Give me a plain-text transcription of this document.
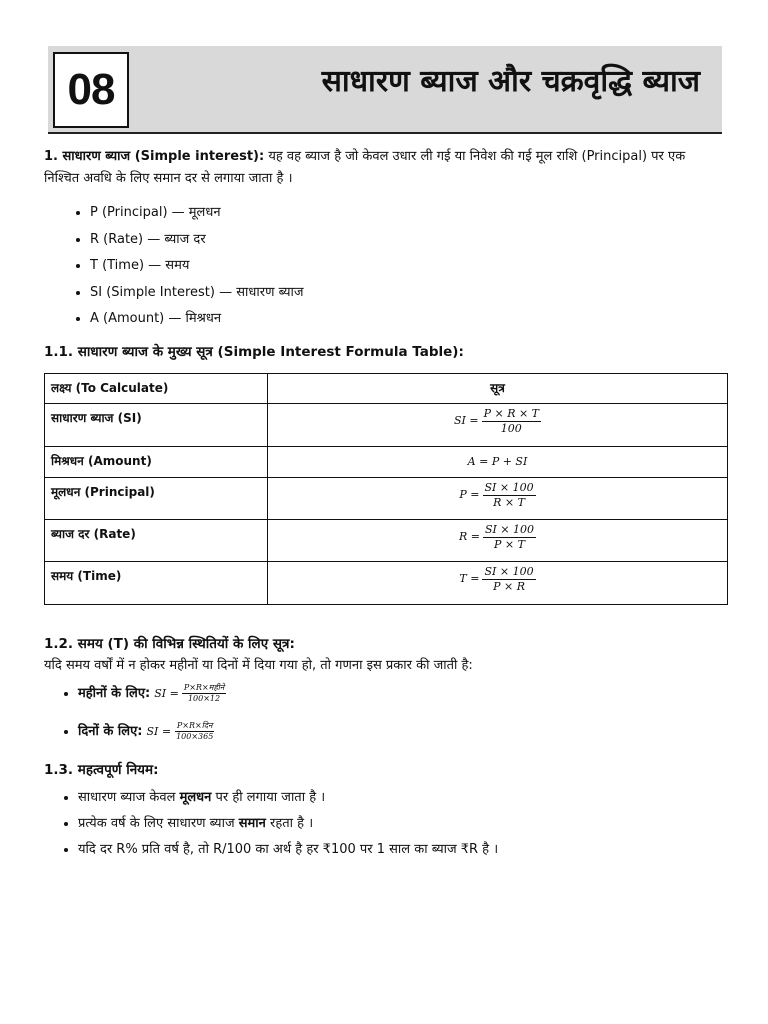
08	साधारण ब्याज और चक्रवृद्धि ब्याज

1. साधारण ब्याज (Simple interest): यह वह ब्याज है जो केवल उधार ली गई या निवेश की गई मूल राशि (Principal) पर एक
निश्चित अवधि के लिए समान दर से लगाया जाता है ।

• P (Principal) — मूलधन
• R (Rate) — ब्याज दर
• T (Time) — समय
• SI (Simple Interest) — साधारण ब्याज
• A (Amount) — मिश्रधन
1.1. साधारण ब्याज के मुख्य सूत्र (Simple Interest Formula Table):
लक्ष्य (To Calculate)	सूत्र
साधारण ब्याज (SI)	SI = $\frac{P \times R \times T}{100}$

मिश्रधन (Amount)	A = P + SI
मूलधन (Principal)	$P = \frac{SI \times 100}{R \times T}$

ब्याज दर (Rate)	$R = \frac{SI \times 100}{P \times T}$

समय (Time)	$T = \frac{SI \times 100}{P \times R}$
1.2. समय (T) की विभिन्न स्थितियों के लिए सूत्र:

यदि समय वर्षों में न होकर महीनों या दिनों में दिया गया हो, तो गणना इस प्रकार की जाती है:

• महीनों के लिए: SI = $\frac{\text{P×R×महीने}}{100\times 12}$
• दिनों के लिए: SI = $\frac{\text{P×R×दिन}}{100\times 365}$
1.3. महत्वपूर्ण नियम:
• साधारण ब्याज केवल मूलधन पर ही लगाया जाता है ।
• प्रत्येक वर्ष के लिए साधारण ब्याज समान रहता है ।
• यदि दर R% प्रति वर्ष है, तो R/100 का अर्थ है हर ₹100 पर 1 साल का ब्याज ₹R है ।
